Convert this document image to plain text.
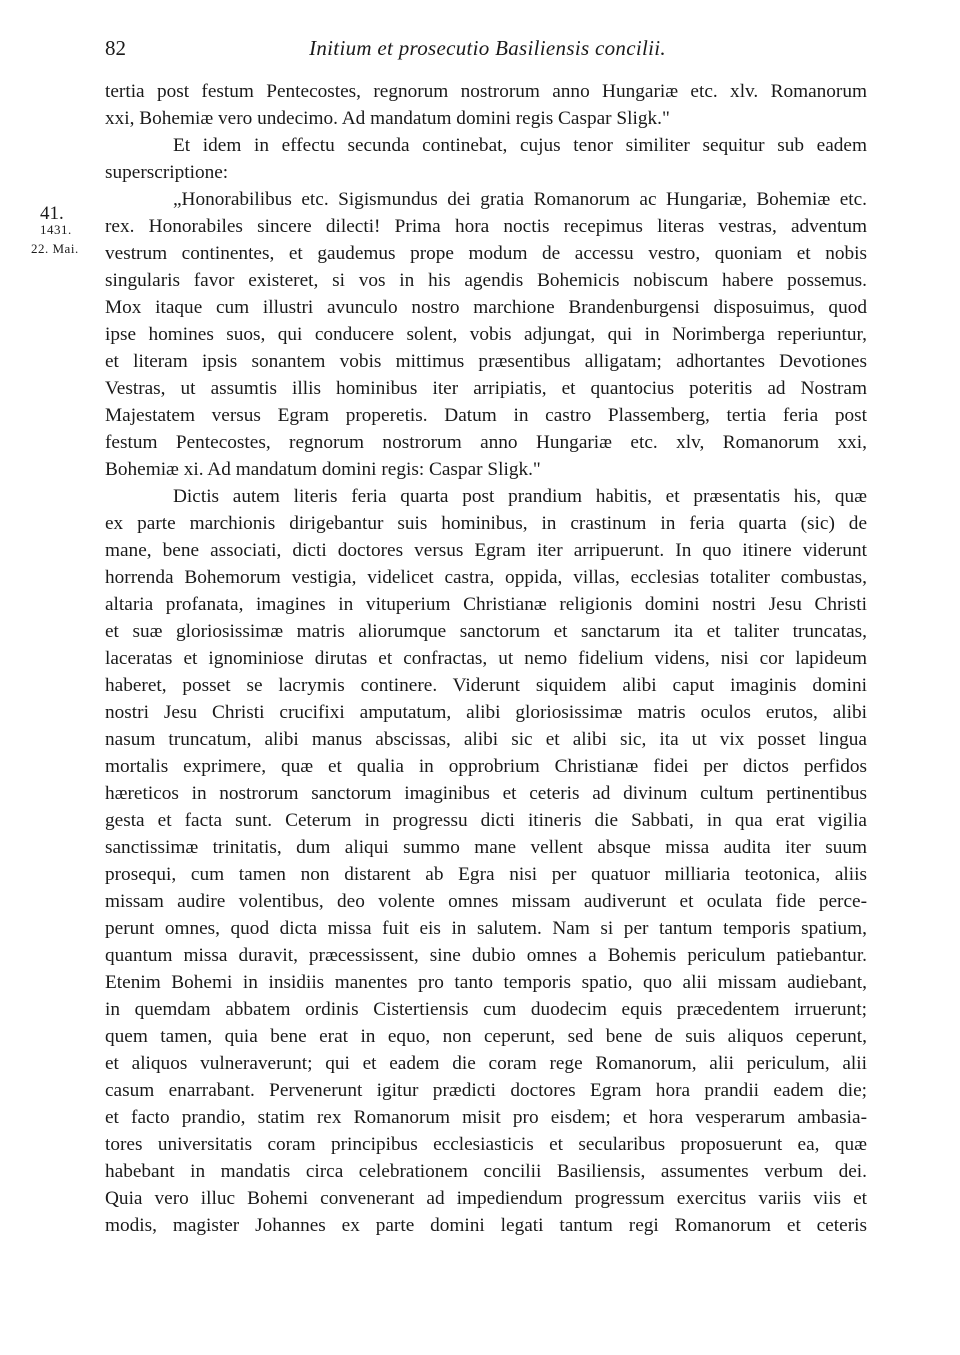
82	Initium et prosecutio Basiliensis concilii.
41.
1431.
22. Mai.
tertia post festum Pentecostes, regnorum nostrorum anno Hungariæ etc. xlv. Romanorum
xxi, Bohemiæ vero undecimo. Ad mandatum domini regis Caspar Sligk."
Et idem in effectu secunda continebat, cujus tenor similiter sequitur sub eadem
superscriptione:
„Honorabilibus etc. Sigismundus dei gratia Romanorum ac Hungariæ, Bohemiæ etc.
rex. Honorabiles sincere dilecti! Prima hora noctis recepimus literas vestras, adventum
vestrum continentes, et gaudemus prope modum de accessu vestro, quoniam et nobis
singularis favor existeret, si vos in his agendis Bohemicis nobiscum habere possemus.
Mox itaque cum illustri avunculo nostro marchione Brandenburgensi disposuimus, quod
ipse homines suos, qui conducere solent, vobis adjungat, qui in Norimberga reperiuntur,
et literam ipsis sonantem vobis mittimus præsentibus alligatam; adhortantes Devotiones
Vestras, ut assumtis illis hominibus iter arripiatis, et quantocius poteritis ad Nostram
Majestatem versus Egram properetis. Datum in castro Plassemberg, tertia feria post
festum Pentecostes, regnorum nostrorum anno Hungariæ etc. xlv, Romanorum xxi,
Bohemiæ xi. Ad mandatum domini regis: Caspar Sligk."
Dictis autem literis feria quarta post prandium habitis, et præsentatis his, quæ
ex parte marchionis dirigebantur suis hominibus, in crastinum in feria quarta (sic) de
mane, bene associati, dicti doctores versus Egram iter arripuerunt. In quo itinere viderunt
horrenda Bohemorum vestigia, videlicet castra, oppida, villas, ecclesias totaliter combustas,
altaria profanata, imagines in vituperium Christianæ religionis domini nostri Jesu Christi
et suæ gloriosissimæ matris aliorumque sanctorum et sanctarum ita et taliter truncatas,
laceratas et ignominiose dirutas et confractas, ut nemo fidelium videns, nisi cor lapideum
haberet, posset se lacrymis continere. Viderunt siquidem alibi caput imaginis domini
nostri Jesu Christi crucifixi amputatum, alibi gloriosissimæ matris oculos erutos, alibi
nasum truncatum, alibi manus abscissas, alibi sic et alibi sic, ita ut vix posset lingua
mortalis exprimere, quæ et qualia in opprobrium Christianæ fidei per dictos perfidos
hæreticos in nostrorum sanctorum imaginibus et ceteris ad divinum cultum pertinentibus
gesta et facta sunt. Ceterum in progressu dicti itineris die Sabbati, in qua erat vigilia
sanctissimæ trinitatis, dum aliqui summo mane vellent absque missa audita iter suum
prosequi, cum tamen non distarent ab Egra nisi per quatuor milliaria teotonica, aliis
missam audire volentibus, deo volente omnes missam audiverunt et oculata fide perce-
perunt omnes, quod dicta missa fuit eis in salutem. Nam si per tantum temporis spatium,
quantum missa duravit, præcessissent, sine dubio omnes a Bohemis periculum patiebantur.
Etenim Bohemi in insidiis manentes pro tanto temporis spatio, quo alii missam audiebant,
in quemdam abbatem ordinis Cistertiensis cum duodecim equis præcedentem irruerunt;
quem tamen, quia bene erat in equo, non ceperunt, sed bene de suis aliquos ceperunt,
et aliquos vulneraverunt; qui et eadem die coram rege Romanorum, alii periculum, alii
casum enarrabant. Pervenerunt igitur prædicti doctores Egram hora prandii eadem die;
et facto prandio, statim rex Romanorum misit pro eisdem; et hora vesperarum ambasia-
tores universitatis coram principibus ecclesiasticis et secularibus proposuerunt ea, quæ
habebant in mandatis circa celebrationem concilii Basiliensis, assumentes verbum dei.
Quia vero illuc Bohemi convenerant ad impediendum progressum exercitus variis viis et
modis, magister Johannes ex parte domini legati tantum regi Romanorum et ceteris
